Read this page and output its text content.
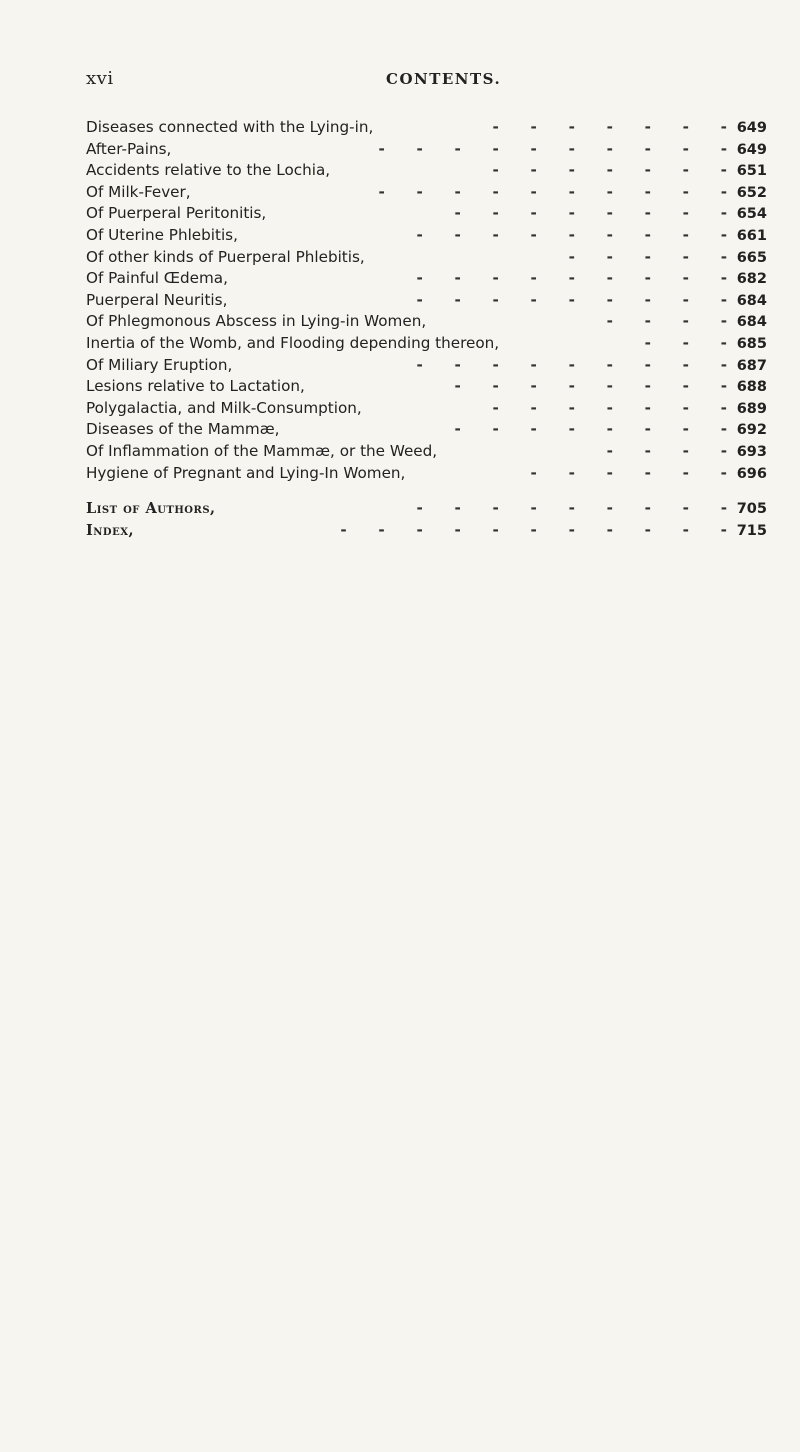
xvi	CONTENTS.
Diseases connected with the Lying-in,	-      -      -      -      -      -      - 649
After-Pains,	-      -      -      -      -      -      -      -      -      - 649
Accidents relative to the Lochia,	-      -      -      -      -      -      - 651
Of Milk-Fever,	-      -      -      -      -      -      -      -      -      - 652
Of Puerperal Peritonitis,	-      -      -      -      -      -      -      - 654
Of Uterine Phlebitis,	-      -      -      -      -      -      -      -      - 661
Of other kinds of Puerperal Phlebitis,	-      -      -      -      - 665
Of Painful Œdema,	-      -      -      -      -      -      -      -      - 682
Puerperal Neuritis,	-      -      -      -      -      -      -      -      - 684
Of Phlegmonous Abscess in Lying-in Women,	-      -      -      - 684
Inertia of the Womb, and Flooding depending thereon,	-      -      - 685
Of Miliary Eruption,	-      -      -      -      -      -      -      -      - 687
Lesions relative to Lactation,	-      -      -      -      -      -      -      - 688
Polygalactia, and Milk-Consumption,	-      -      -      -      -      -      - 689
Diseases of the Mammæ,	-      -      -      -      -      -      -      - 692
Of Inflammation of the Mammæ, or the Weed,	-      -      -      - 693
Hygiene of Pregnant and Lying-In Women,	-      -      -      -      -      - 696
List of Authors,	-      -      -      -      -      -      -      -      - 705
Index,	-      -      -      -      -      -      -      -      -      -      - 715
